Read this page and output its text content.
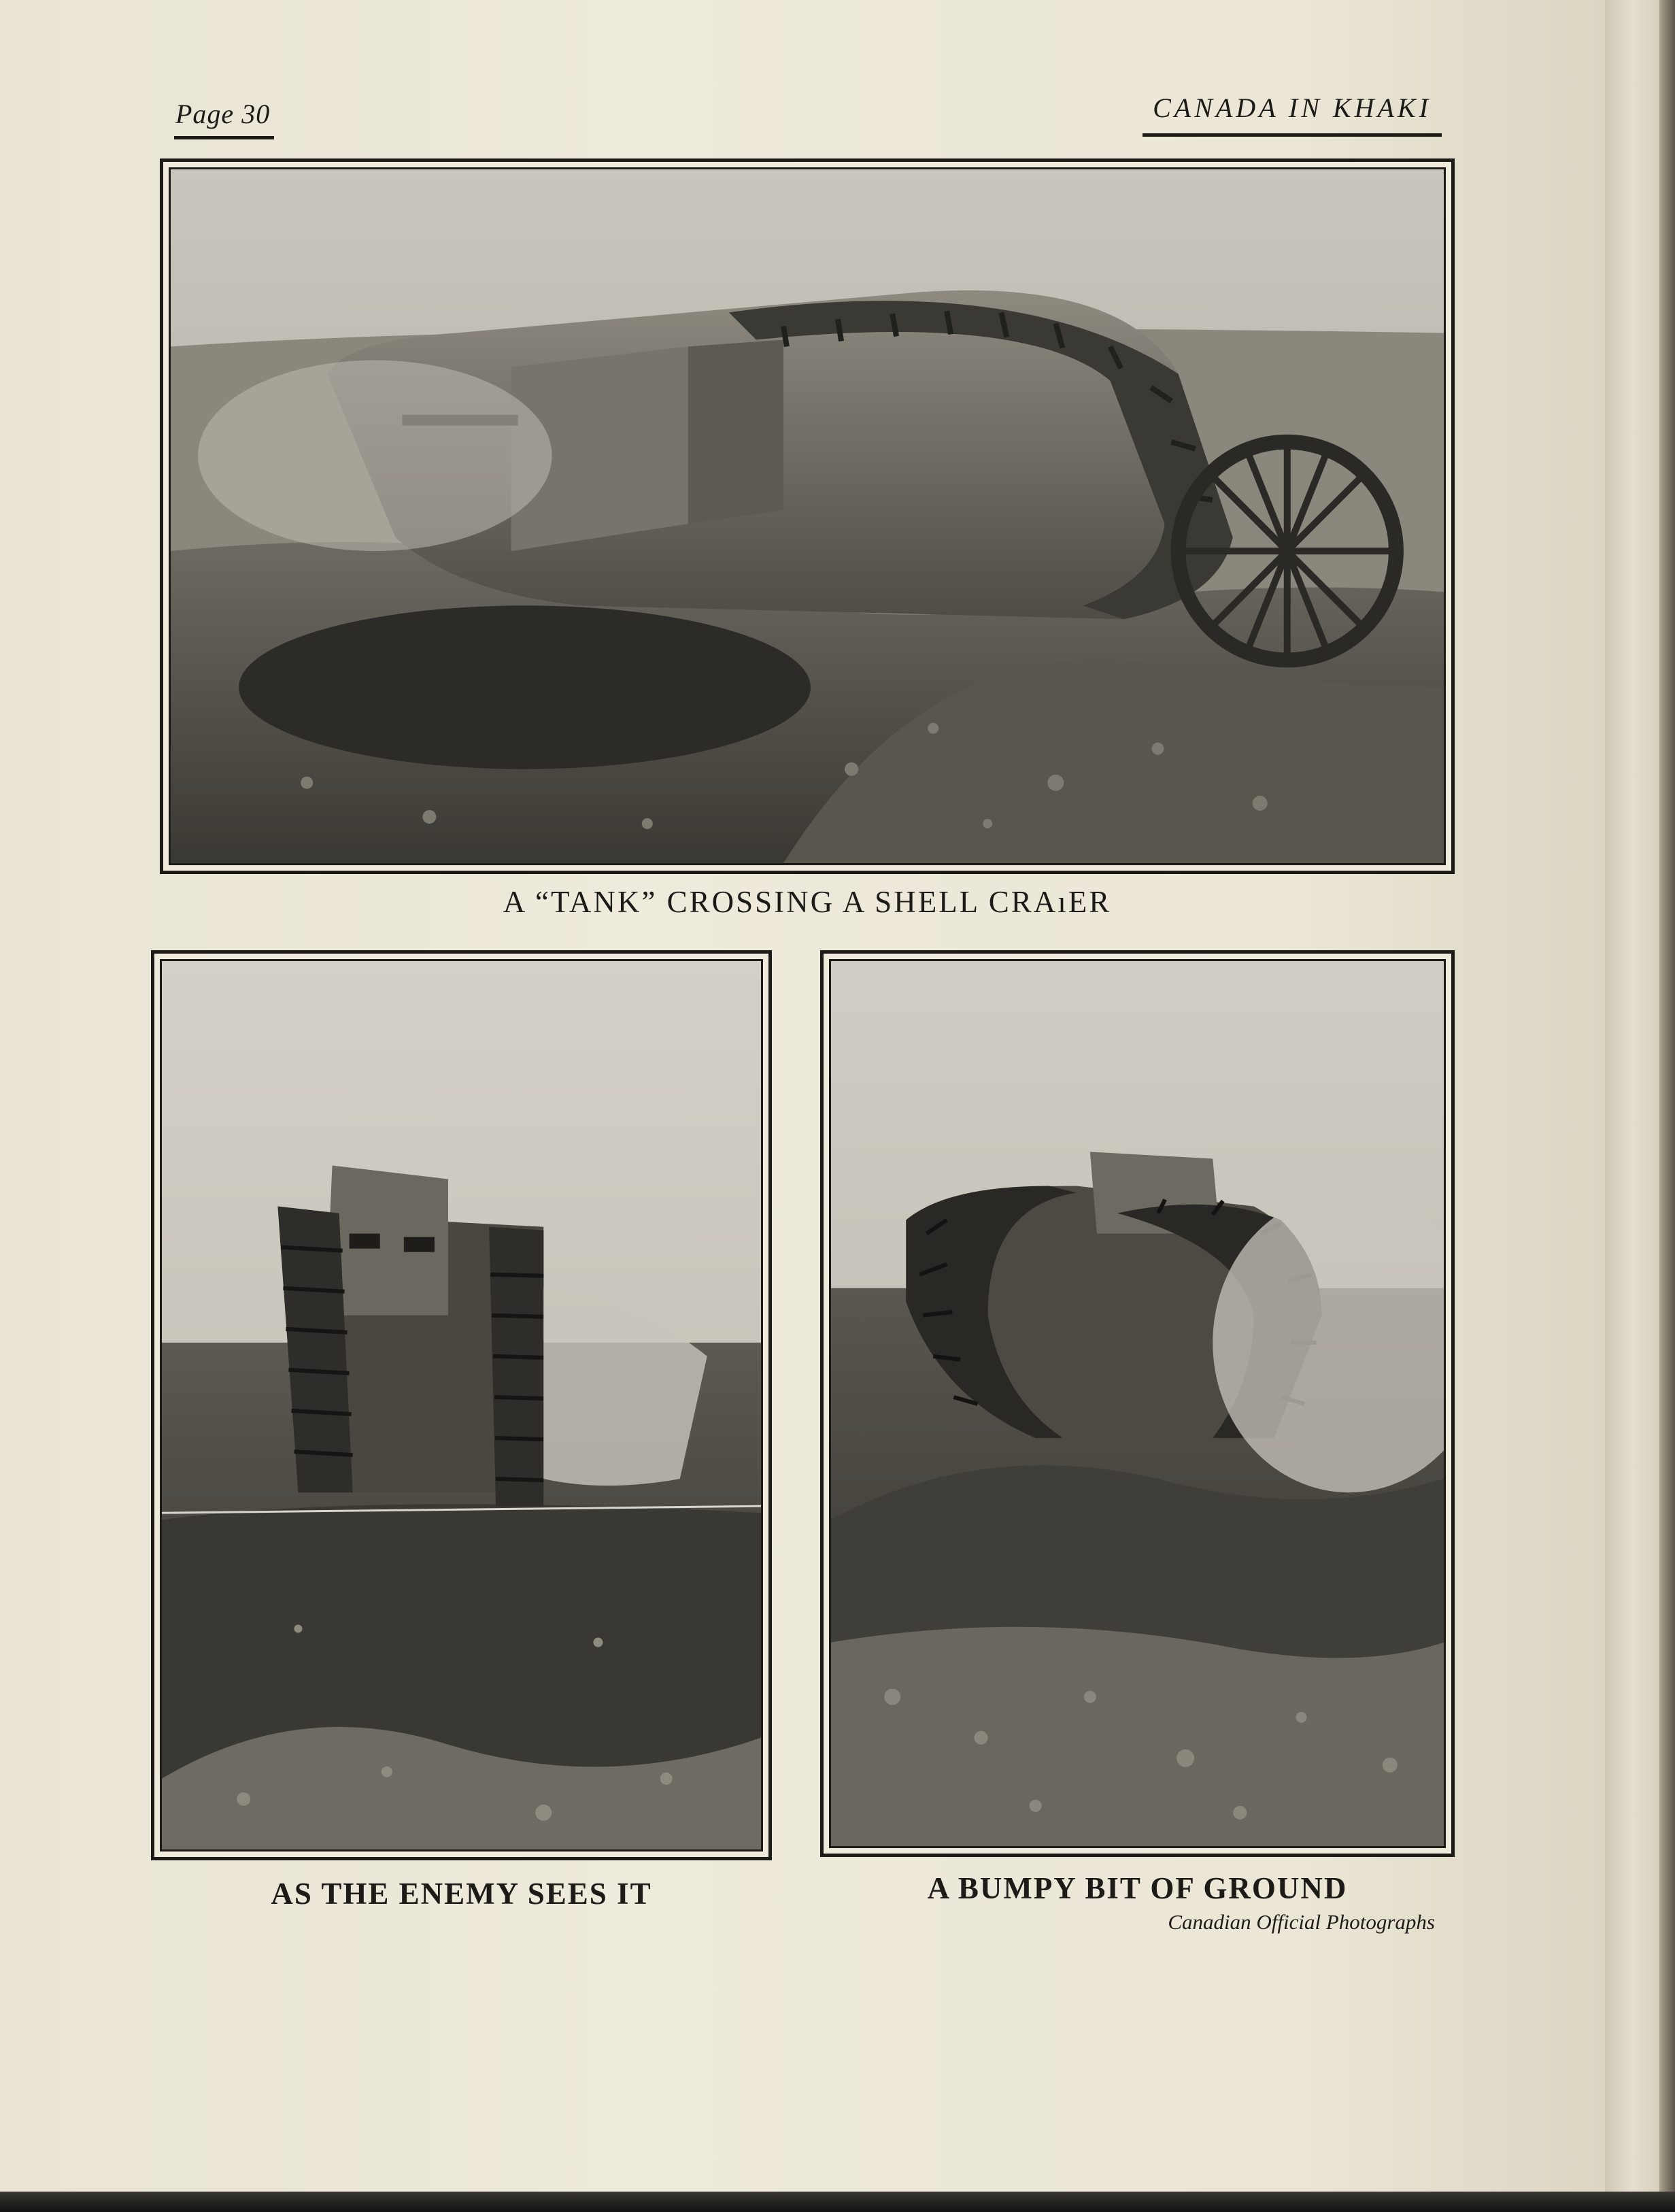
Page 30	CANADA IN KHAKI
A “TANK” CROSSING A SHELL CRAıER
AS THE ENEMY SEES IT	A BUMPY BIT OF GROUND
Canadian Official Photographs
